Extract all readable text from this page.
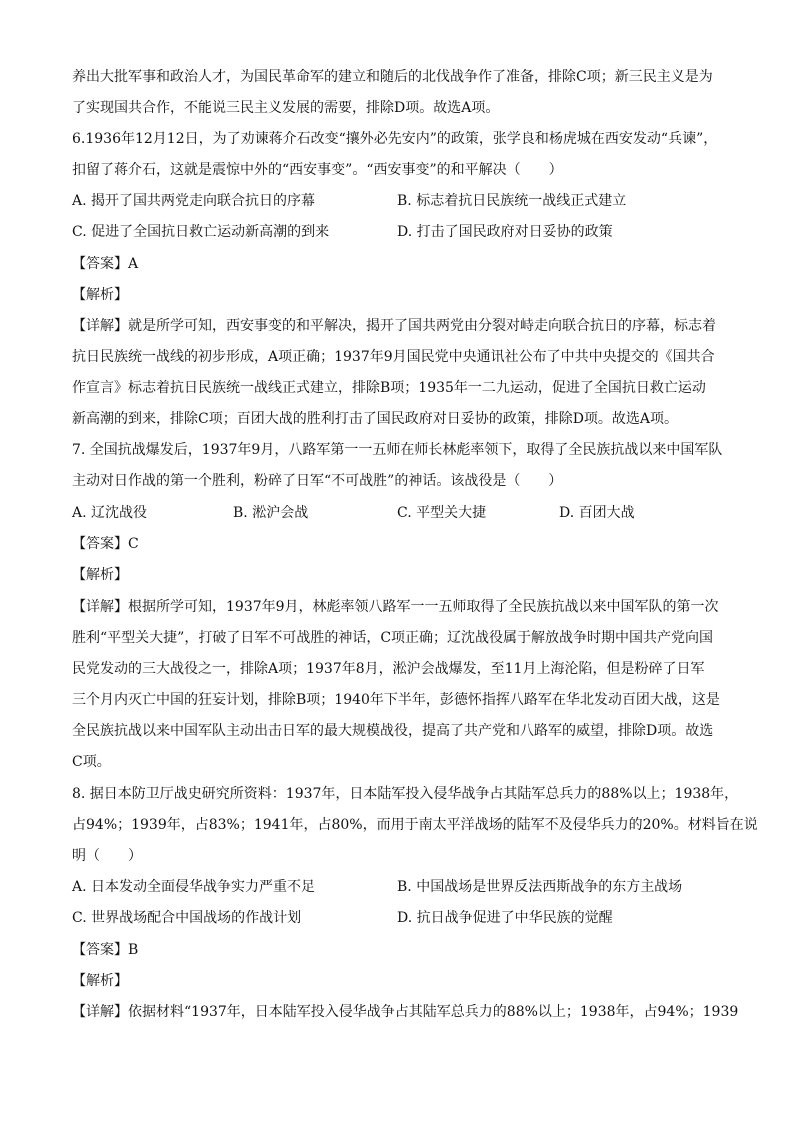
养出大批军事和政治人才，为国民革命军的建立和随后的北伐战争作了准备，排除C项；新三民主义是为
了实现国共合作，不能说三民主义发展的需要，排除D项。故选A项。
6.1936年12月12日，为了劝谏蒋介石改变“攘外必先安内”的政策，张学良和杨虎城在西安发动“兵谏”，
扣留了蒋介石，这就是震惊中外的“西安事变”。“西安事变”的和平解决（　　）
A. 揭开了国共两党走向联合抗日的序幕	B. 标志着抗日民族统一战线正式建立
C. 促进了全国抗日救亡运动新高潮的到来	D. 打击了国民政府对日妥协的政策
【答案】A
【解析】
【详解】就是所学可知，西安事变的和平解决，揭开了国共两党由分裂对峙走向联合抗日的序幕，标志着
抗日民族统一战线的初步形成，A项正确；1937年9月国民党中央通讯社公布了中共中央提交的《国共合
作宣言》标志着抗日民族统一战线正式建立，排除B项；1935年一二九运动，促进了全国抗日救亡运动
新高潮的到来，排除C项；百团大战的胜利打击了国民政府对日妥协的政策，排除D项。故选A项。
7. 全国抗战爆发后，1937年9月，八路军第一一五师在师长林彪率领下，取得了全民族抗战以来中国军队
主动对日作战的第一个胜利，粉碎了日军“不可战胜”的神话。该战役是（　　）
A. 辽沈战役	B. 淞沪会战	C. 平型关大捷	D. 百团大战
【答案】C
【解析】
【详解】根据所学可知，1937年9月，林彪率领八路军一一五师取得了全民族抗战以来中国军队的第一次
胜利“平型关大捷”，打破了日军不可战胜的神话，C项正确；辽沈战役属于解放战争时期中国共产党向国
民党发动的三大战役之一，排除A项；1937年8月，淞沪会战爆发，至11月上海沦陷，但是粉碎了日军
三个月内灭亡中国的狂妄计划，排除B项；1940年下半年，彭德怀指挥八路军在华北发动百团大战，这是
全民族抗战以来中国军队主动出击日军的最大规模战役，提高了共产党和八路军的威望，排除D项。故选
C项。
8. 据日本防卫厅战史研究所资料：1937年，日本陆军投入侵华战争占其陆军总兵力的88%以上；1938年，
占94%；1939年，占83%；1941年，占80%，而用于南太平洋战场的陆军不及侵华兵力的20%。材料旨在说
明（　　）
A. 日本发动全面侵华战争实力严重不足	B. 中国战场是世界反法西斯战争的东方主战场
C. 世界战场配合中国战场的作战计划	D. 抗日战争促进了中华民族的觉醒
【答案】B
【解析】
【详解】依据材料“1937年，日本陆军投入侵华战争占其陆军总兵力的88%以上；1938年，占94%；1939
